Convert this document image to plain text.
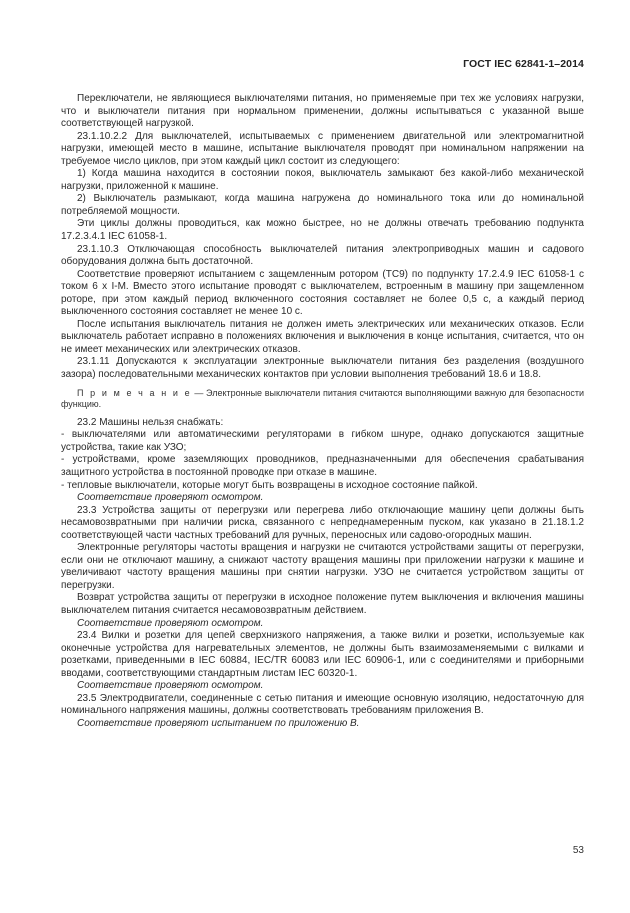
ГОСТ IEC 62841-1–2014

Переключатели, не являющиеся выключателями питания, но применяемые при тех же условиях нагрузки, что и выключатели питания при нормальном применении, должны испытываться с указанной выше соответствующей нагрузкой.

23.1.10.2.2 Для выключателей, испытываемых с применением двигательной или электромагнитной нагрузки, имеющей место в машине, испытание выключателя проводят при номинальном напряжении на требуемое число циклов, при этом каждый цикл состоит из следующего:

1) Когда машина находится в состоянии покоя, выключатель замыкают без какой-либо механической нагрузки, приложенной к машине.

2) Выключатель размыкают, когда машина нагружена до номинального тока или до номинальной потребляемой мощности.

Эти циклы должны проводиться, как можно быстрее, но не должны отвечать требованию подпункта 17.2.3.4.1 IEC 61058-1.

23.1.10.3 Отключающая способность выключателей питания электроприводных машин и садового оборудования должна быть достаточной.

Соответствие проверяют испытанием с защемленным ротором (ТС9) по подпункту 17.2.4.9 IEC 61058-1 с током 6 х I-M. Вместо этого испытание проводят с выключателем, встроенным в машину при защемленном роторе, при этом каждый период включенного состояния составляет не более 0,5 с, а каждый период выключенного состояния составляет не менее 10 с.

После испытания выключатель питания не должен иметь электрических или механических отказов. Если выключатель работает исправно в положениях включения и выключения в конце испытания, считается, что он не имеет механических или электрических отказов.

23.1.11 Допускаются к эксплуатации электронные выключатели питания без разделения (воздушного зазора) последовательными механических контактов при условии выполнения требований 18.6 и 18.8.

П р и м е ч а н и е — Электронные выключатели питания считаются выполняющими важную для безопасности функцию.

23.2 Машины нельзя снабжать:

- выключателями или автоматическими регуляторами в гибком шнуре, однако допускаются защитные устройства, такие как УЗО;

- устройствами, кроме заземляющих проводников, предназначенными для обеспечения срабатывания защитного устройства в постоянной проводке при отказе в машине.

- тепловые выключатели, которые могут быть возвращены в исходное состояние пайкой.

Соответствие проверяют осмотром.

23.3 Устройства защиты от перегрузки или перегрева либо отключающие машину цепи должны быть несамовозвратными при наличии риска, связанного с непреднамеренным пуском, как указано в 21.18.1.2 соответствующей части частных требований для ручных, переносных или садово-огородных машин.

Электронные регуляторы частоты вращения и нагрузки не считаются устройствами защиты от перегрузки, если они не отключают машину, а снижают частоту вращения машины при приложении нагрузки к машине и увеличивают частоту вращения машины при снятии нагрузки. УЗО не считается устройством защиты от перегрузки.

Возврат устройства защиты от перегрузки в исходное положение путем выключения и включения машины выключателем питания считается несамовозвратным действием.

Соответствие проверяют осмотром.

23.4 Вилки и розетки для цепей сверхнизкого напряжения, а также вилки и розетки, используемые как оконечные устройства для нагревательных элементов, не должны быть взаимозаменяемыми с вилками и розетками, приведенными в IEC 60884, IEC/TR 60083 или IEC 60906-1, или с соединителями и приборными вводами, соответствующими стандартным листам IEC 60320-1.

Соответствие проверяют осмотром.

23.5 Электродвигатели, соединенные с сетью питания и имеющие основную изоляцию, недостаточную для номинального напряжения машины, должны соответствовать требованиям приложения В.

Соответствие проверяют испытанием по приложению В.

53
